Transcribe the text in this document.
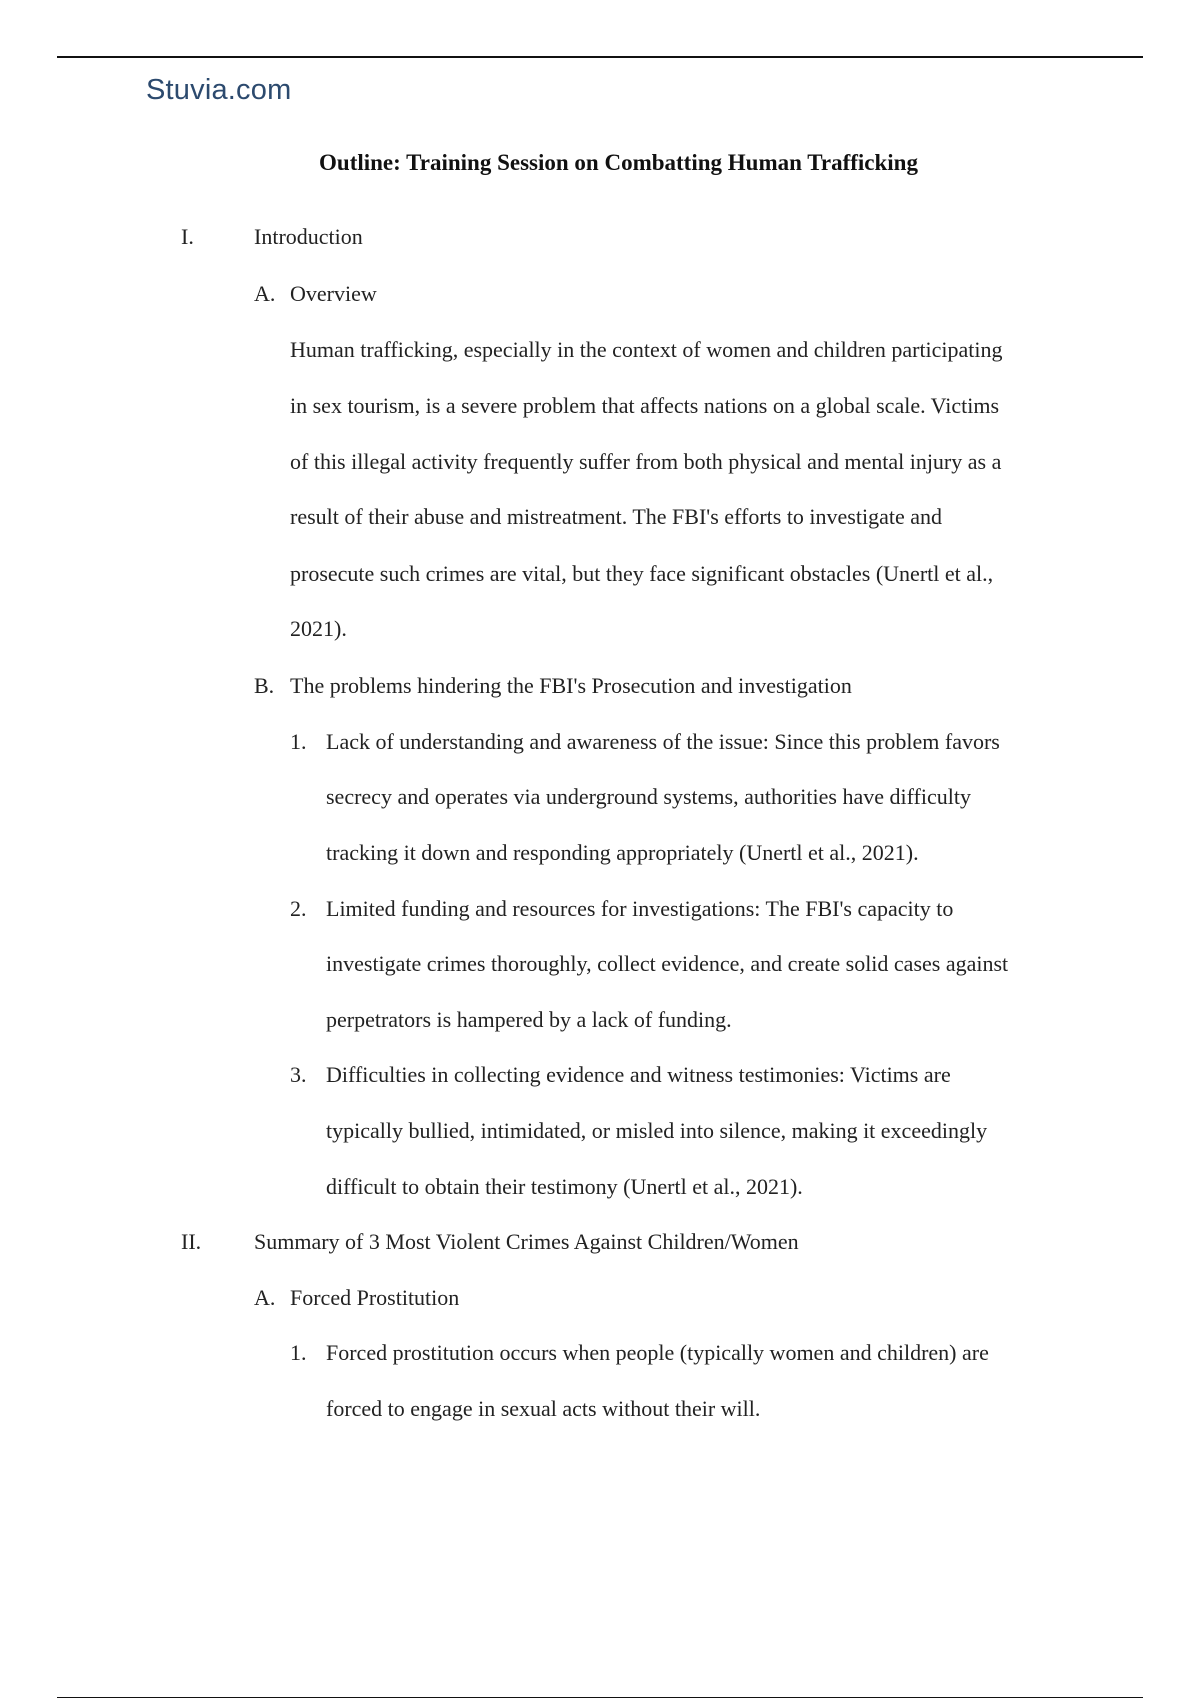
Stuvia.com
Outline: Training Session on Combatting Human Trafficking
I.	Introduction
A. Overview
Human trafficking, especially in the context of women and children participating
in sex tourism, is a severe problem that affects nations on a global scale. Victims
of this illegal activity frequently suffer from both physical and mental injury as a
result of their abuse and mistreatment. The FBI's efforts to investigate and
prosecute such crimes are vital, but they face significant obstacles (Unertl et al.,
2021).
B. The problems hindering the FBI's Prosecution and investigation
1. Lack of understanding and awareness of the issue: Since this problem favors
secrecy and operates via underground systems, authorities have difficulty
tracking it down and responding appropriately (Unertl et al., 2021).
2. Limited funding and resources for investigations: The FBI's capacity to
investigate crimes thoroughly, collect evidence, and create solid cases against
perpetrators is hampered by a lack of funding.
3. Difficulties in collecting evidence and witness testimonies: Victims are
typically bullied, intimidated, or misled into silence, making it exceedingly
difficult to obtain their testimony (Unertl et al., 2021).
II. Summary of 3 Most Violent Crimes Against Children/Women
A. Forced Prostitution
1. Forced prostitution occurs when people (typically women and children) are
forced to engage in sexual acts without their will.
